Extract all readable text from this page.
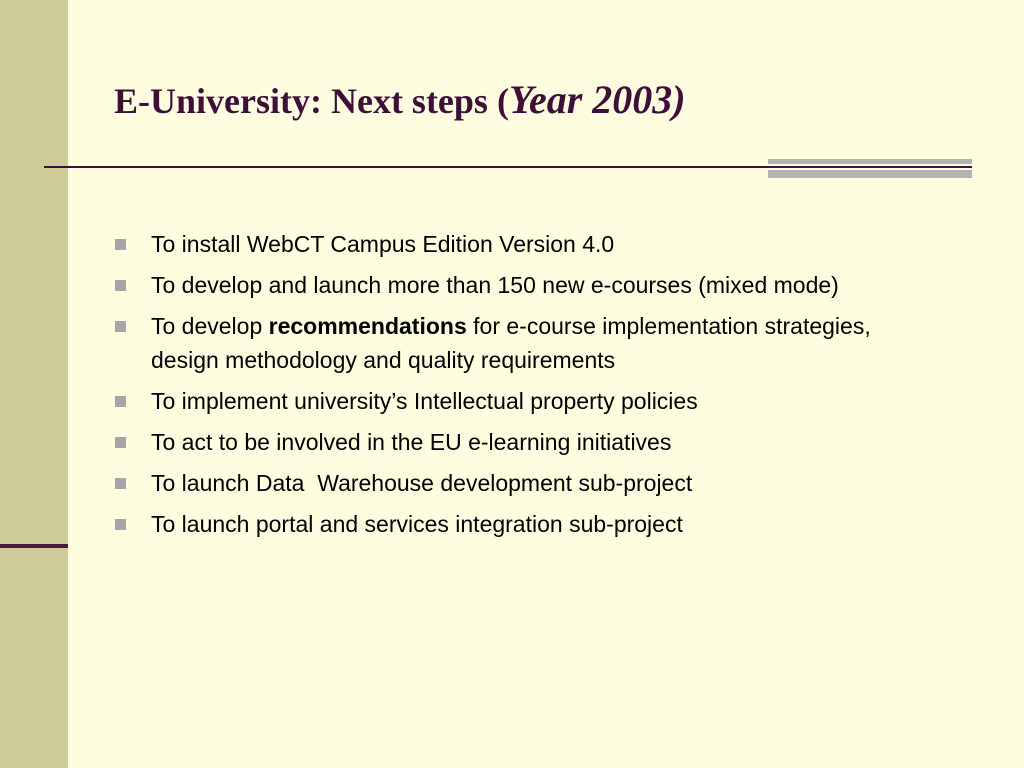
E-University: Next steps (Year 2003)
To install WebCT Campus Edition Version 4.0
To develop and launch more than 150 new e-courses (mixed mode)
To develop recommendations for e-course implementation strategies, design methodology and quality requirements
To implement university’s Intellectual property policies
To act to be involved in the EU e-learning initiatives
To launch Data  Warehouse development sub-project
To launch portal and services integration sub-project
